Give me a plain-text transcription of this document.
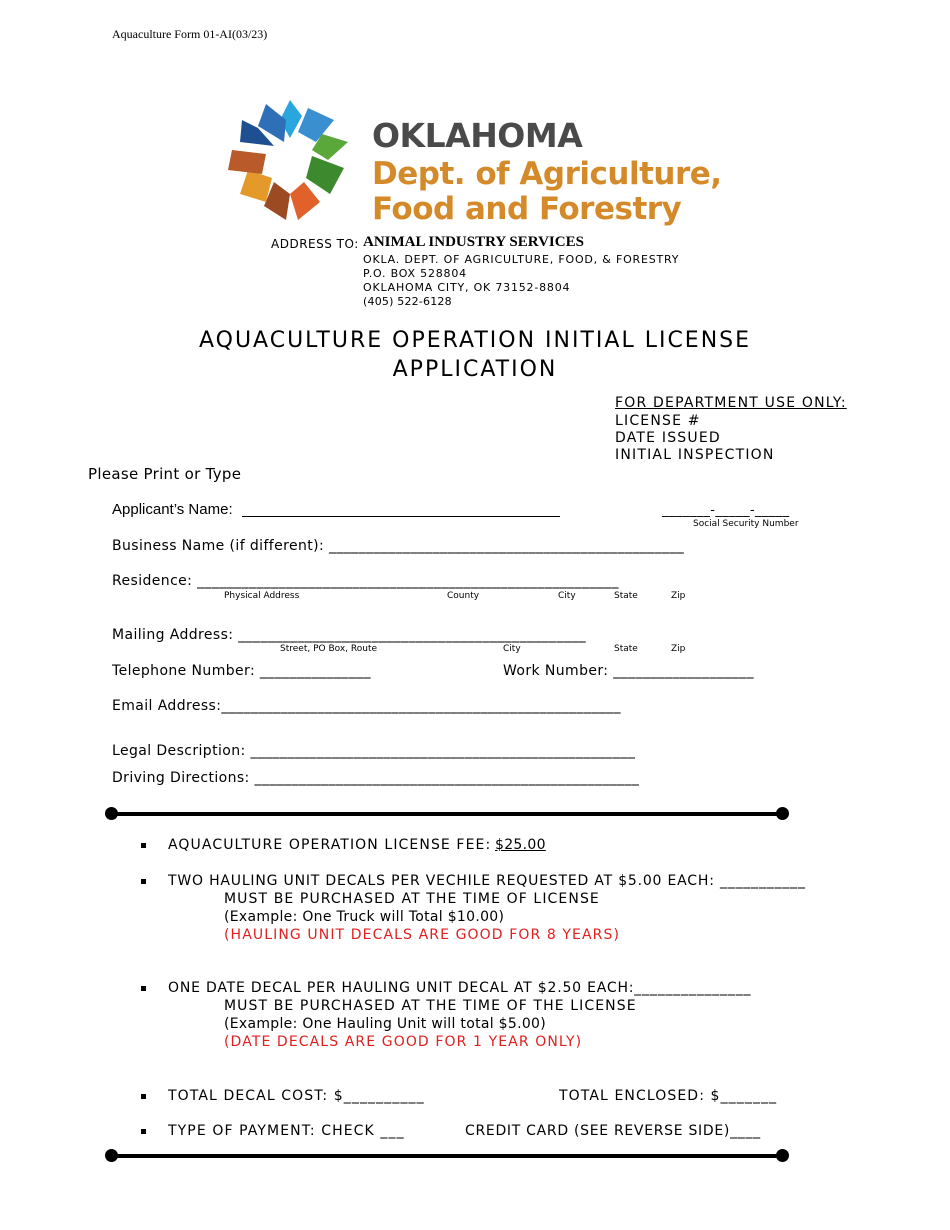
Aquaculture Form 01-AI(03/23)
OKLAHOMA
Dept. of Agriculture,
Food and Forestry
ADDRESS TO: ANIMAL INDUSTRY SERVICES
OKLA. DEPT. OF AGRICULTURE, FOOD, & FORESTRY
P.O. BOX 528804
OKLAHOMA CITY, OK 73152-8804
(405) 522-6128
AQUACULTURE OPERATION INITIAL LICENSE
APPLICATION
FOR DEPARTMENT USE ONLY:
LICENSE #
DATE ISSUED
INITIAL INSPECTION
Please Print or Type
Applicant’s Name:	_______-_____-_____
Social Security Number
Business Name (if different): ________________________________________________
Residence: _________________________________________________________
Physical Address	County	City	State	Zip
Mailing Address: _______________________________________________
Street, PO Box, Route	City	State	Zip
Telephone Number: _______________	Work Number: ___________________
Email Address:______________________________________________________
Legal Description: ____________________________________________________
Driving Directions: ____________________________________________________
AQUACULTURE OPERATION LICENSE FEE: $25.00
TWO HAULING UNIT DECALS PER VECHILE REQUESTED AT $5.00 EACH: ___________
MUST BE PURCHASED AT THE TIME OF LICENSE
(Example: One Truck will Total $10.00)
(HAULING UNIT DECALS ARE GOOD FOR 8 YEARS)
ONE DATE DECAL PER HAULING UNIT DECAL AT $2.50 EACH:_______________
MUST BE PURCHASED AT THE TIME OF THE LICENSE
(Example: One Hauling Unit will total $5.00)
(DATE DECALS ARE GOOD FOR 1 YEAR ONLY)
TOTAL DECAL COST: $__________	TOTAL ENCLOSED: $_______
TYPE OF PAYMENT: CHECK ___	CREDIT CARD (SEE REVERSE SIDE)____
